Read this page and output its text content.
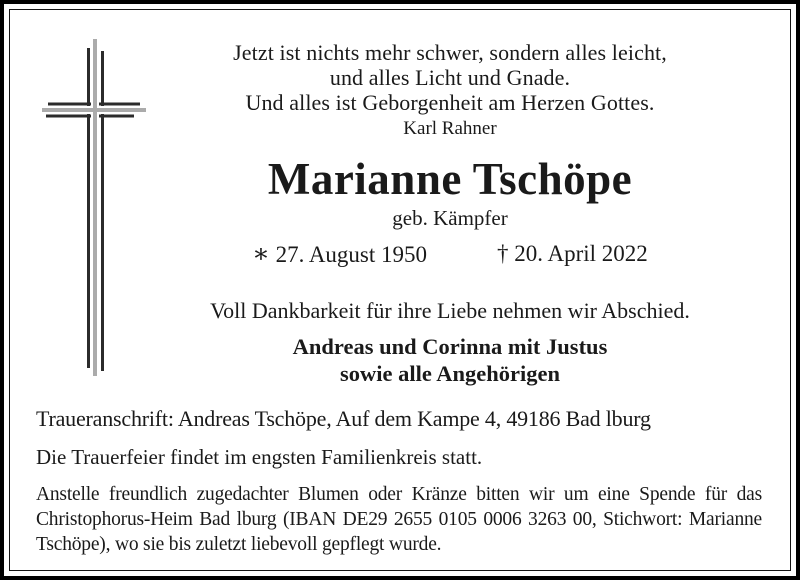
Jetzt ist nichts mehr schwer, sondern alles leicht,
und alles Licht und Gnade.
Und alles ist Geborgenheit am Herzen Gottes.
Karl Rahner
Marianne Tschöpe
geb. Kämpfer
∗ 27. August 1950	† 20. April 2022
Voll Dankbarkeit für ihre Liebe nehmen wir Abschied.
Andreas und Corinna mit Justus
sowie alle Angehörigen
Traueranschrift: Andreas Tschöpe, Auf dem Kampe 4, 49186 Bad lburg
Die Trauerfeier findet im engsten Familienkreis statt.
Anstelle freundlich zugedachter Blumen oder Kränze bitten wir um eine Spende für das
Christophorus-Heim Bad lburg (IBAN DE29 2655 0105 0006 3263 00, Stichwort: Marianne
Tschöpe), wo sie bis zuletzt liebevoll gepflegt wurde.
